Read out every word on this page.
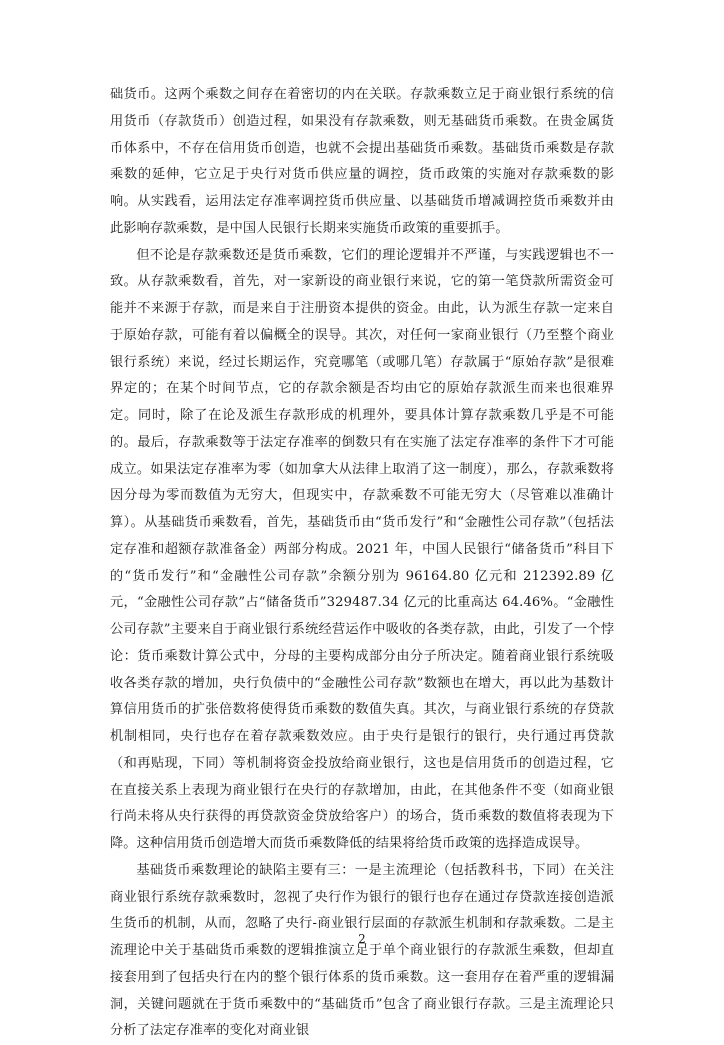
础货币。这两个乘数之间存在着密切的内在关联。存款乘数立足于商业银行系统的信用货币（存款货币）创造过程，如果没有存款乘数，则无基础货币乘数。在贵金属货币体系中，不存在信用货币创造，也就不会提出基础货币乘数。基础货币乘数是存款乘数的延伸，它立足于央行对货币供应量的调控，货币政策的实施对存款乘数的影响。从实践看，运用法定存准率调控货币供应量、以基础货币增减调控货币乘数并由此影响存款乘数，是中国人民银行长期来实施货币政策的重要抓手。

但不论是存款乘数还是货币乘数，它们的理论逻辑并不严谨，与实践逻辑也不一致。从存款乘数看，首先，对一家新设的商业银行来说，它的第一笔贷款所需资金可能并不来源于存款，而是来自于注册资本提供的资金。由此，认为派生存款一定来自于原始存款，可能有着以偏概全的误导。其次，对任何一家商业银行（乃至整个商业银行系统）来说，经过长期运作，究竟哪笔（或哪几笔）存款属于“原始存款”是很难界定的；在某个时间节点，它的存款余额是否均由它的原始存款派生而来也很难界定。同时，除了在论及派生存款形成的机理外，要具体计算存款乘数几乎是不可能的。最后，存款乘数等于法定存准率的倒数只有在实施了法定存准率的条件下才可能成立。如果法定存准率为零（如加拿大从法律上取消了这一制度），那么，存款乘数将因分母为零而数值为无穷大，但现实中，存款乘数不可能无穷大（尽管难以准确计算）。从基础货币乘数看，首先，基础货币由“货币发行”和“金融性公司存款”（包括法定存准和超额存款准备金）两部分构成。2021 年，中国人民银行“储备货币”科目下的“货币发行”和“金融性公司存款”余额分别为 96164.80 亿元和 212392.89 亿元，“金融性公司存款”占“储备货币”329487.34 亿元的比重高达 64.46%。“金融性公司存款”主要来自于商业银行系统经营运作中吸收的各类存款，由此，引发了一个悖论：货币乘数计算公式中，分母的主要构成部分由分子所决定。随着商业银行系统吸收各类存款的增加，央行负债中的“金融性公司存款”数额也在增大，再以此为基数计算信用货币的扩张倍数将使得货币乘数的数值失真。其次，与商业银行系统的存贷款机制相同，央行也存在着存款乘数效应。由于央行是银行的银行，央行通过再贷款（和再贴现，下同）等机制将资金投放给商业银行，这也是信用货币的创造过程，它在直接关系上表现为商业银行在央行的存款增加，由此，在其他条件不变（如商业银行尚未将从央行获得的再贷款资金贷放给客户）的场合，货币乘数的数值将表现为下降。这种信用货币创造增大而货币乘数降低的结果将给货币政策的选择造成误导。

基础货币乘数理论的缺陷主要有三：一是主流理论（包括教科书，下同）在关注商业银行系统存款乘数时，忽视了央行作为银行的银行也存在通过存贷款连接创造派生货币的机制，从而，忽略了央行-商业银行层面的存款派生机制和存款乘数。二是主流理论中关于基础货币乘数的逻辑推演立足于单个商业银行的存款派生乘数，但却直接套用到了包括央行在内的整个银行体系的货币乘数。这一套用存在着严重的逻辑漏洞，关键问题就在于货币乘数中的“基础货币”包含了商业银行存款。三是主流理论只分析了法定存准率的变化对商业银

2
